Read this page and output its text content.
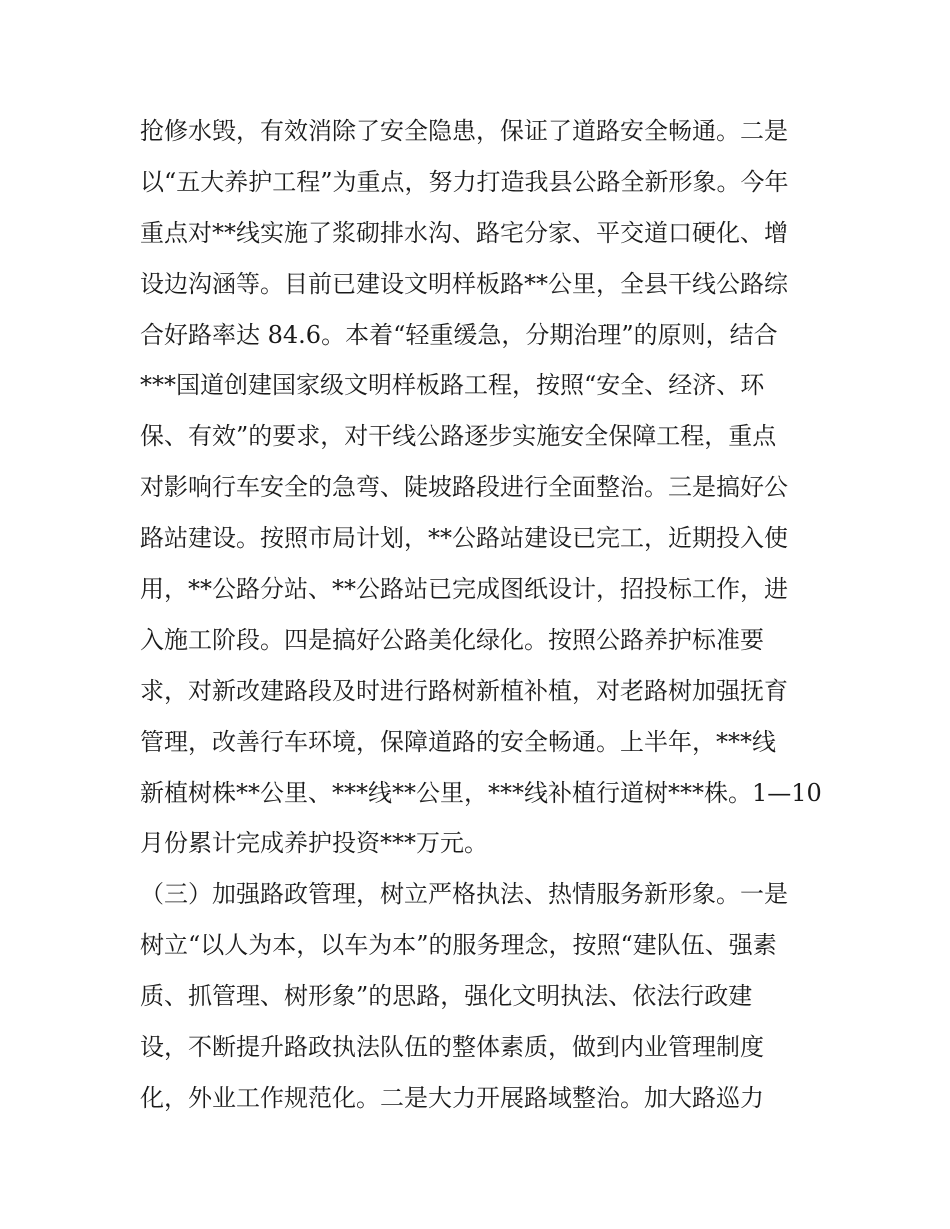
抢修水毁，有效消除了安全隐患，保证了道路安全畅通。二是
以“五大养护工程”为重点，努力打造我县公路全新形象。今年
重点对**线实施了浆砌排水沟、路宅分家、平交道口硬化、增
设边沟涵等。目前已建设文明样板路**公里，全县干线公路综
合好路率达 84.6。本着“轻重缓急，分期治理”的原则，结合
***国道创建国家级文明样板路工程，按照“安全、经济、环
保、有效”的要求，对干线公路逐步实施安全保障工程，重点
对影响行车安全的急弯、陡坡路段进行全面整治。三是搞好公
路站建设。按照市局计划，**公路站建设已完工，近期投入使
用，**公路分站、**公路站已完成图纸设计，招投标工作，进
入施工阶段。四是搞好公路美化绿化。按照公路养护标准要
求，对新改建路段及时进行路树新植补植，对老路树加强抚育
管理，改善行车环境，保障道路的安全畅通。上半年，***线
新植树株**公里、***线**公里，***线补植行道树***株。1—10
月份累计完成养护投资***万元。
（三）加强路政管理，树立严格执法、热情服务新形象。一是
树立“以人为本，以车为本”的服务理念，按照“建队伍、强素
质、抓管理、树形象”的思路，强化文明执法、依法行政建
设，不断提升路政执法队伍的整体素质，做到内业管理制度
化，外业工作规范化。二是大力开展路域整治。加大路巡力
